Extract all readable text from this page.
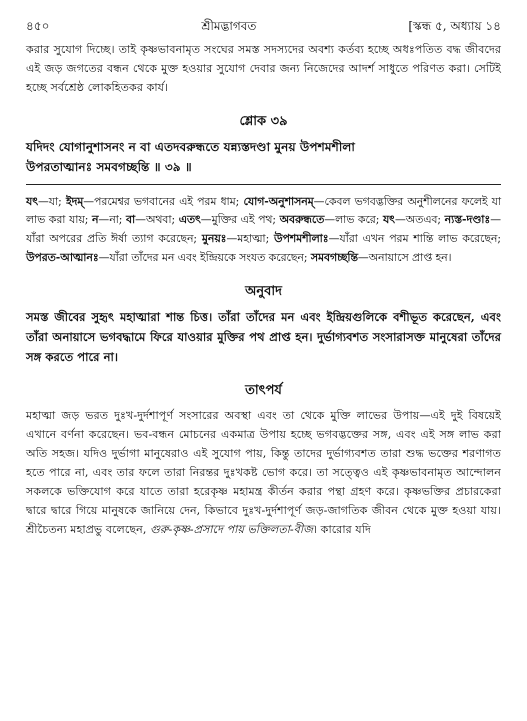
৪৫০	শ্রীমদ্ভাগবত	[স্কন্ধ ৫, অধ্যায় ১৪

করার সুযোগ দিচ্ছে। তাই কৃষ্ণভাবনামৃত সংঘের সমস্ত সদস্যদের অবশ্য কর্তব্য হচ্ছে অধঃপতিত বদ্ধ জীবদের এই জড় জগতের বন্ধন থেকে মুক্ত হওয়ার সুযোগ দেবার জন্য নিজেদের আদর্শ সাধুতে পরিণত করা। সেটিই হচ্ছে সর্বশ্রেষ্ঠ লোকহিতকর কার্য।

শ্লোক ৩৯

যদিদং যোগানুশাসনং ন বা এতদবরুন্ধতে যন্ন্যস্তদণ্ডা মুনয় উপশমশীলা
উপরতাত্মানঃ সমবগচ্ছন্তি ॥ ৩৯ ॥

যৎ—যা; ইদম্—পরমেশ্বর ভগবানের এই পরম ধাম; যোগ-অনুশাসনম্—কেবল ভগবদ্ভক্তির অনুশীলনের ফলেই যা লাভ করা যায়; ন—না; বা—অথবা; এতৎ—মুক্তির এই পথ; অবরুন্ধতে—লাভ করে; যৎ—অতএব; ন্যস্ত-দণ্ডাঃ—যাঁরা অপরের প্রতি ঈর্ষা ত্যাগ করেছেন; মুনয়ঃ—মহাত্মা; উপশমশীলাঃ—যাঁরা এখন পরম শান্তি লাভ করেছেন; উপরত-আত্মানঃ—যাঁরা তাঁদের মন এবং ইন্দ্রিয়কে সংযত করেছেন; সমবগচ্ছন্তি—অনায়াসে প্রাপ্ত হন।

অনুবাদ

সমস্ত জীবের সুহৃৎ মহাত্মারা শান্ত চিত্ত। তাঁরা তাঁদের মন এবং ইন্দ্রিয়গুলিকে বশীভূত করেছেন, এবং তাঁরা অনায়াসে ভগবদ্ধামে ফিরে যাওয়ার মুক্তির পথ প্রাপ্ত হন। দুর্ভাগ্যবশত সংসারাসক্ত মানুষেরা তাঁদের সঙ্গ করতে পারে না।

তাৎপর্য

মহাত্মা জড় ভরত দুঃখ-দুর্দশাপূর্ণ সংসারের অবস্থা এবং তা থেকে মুক্তি লাভের উপায়—এই দুই বিষয়েই এখানে বর্ণনা করেছেন। ভব-বন্ধন মোচনের একমাত্র উপায় হচ্ছে ভগবদ্ভক্তের সঙ্গ, এবং এই সঙ্গ লাভ করা অতি সহজ। যদিও দুর্ভাগা মানুষেরাও এই সুযোগ পায়, কিন্তু তাদের দুর্ভাগ্যবশত তারা শুদ্ধ ভক্তের শরণাগত হতে পারে না, এবং তার ফলে তারা নিরন্তর দুঃখকষ্ট ভোগ করে। তা সত্ত্বেও এই কৃষ্ণভাবনামৃত আন্দোলন সকলকে ভক্তিযোগ করে যাতে তারা হরেকৃষ্ণ মহামন্ত্র কীর্তন করার পন্থা গ্রহণ করে। কৃষ্ণভক্তির প্রচারকেরা দ্বারে দ্বারে গিয়ে মানুষকে জানিয়ে দেন, কিভাবে দুঃখ-দুর্দশাপূর্ণ জড়-জাগতিক জীবন থেকে মুক্ত হওয়া যায়। শ্রীচৈতন্য মহাপ্রভু বলেছেন, গুরু-কৃষ্ণ-প্রসাদে পায় ভক্তিলতা-বীজ। কারোর যদি
